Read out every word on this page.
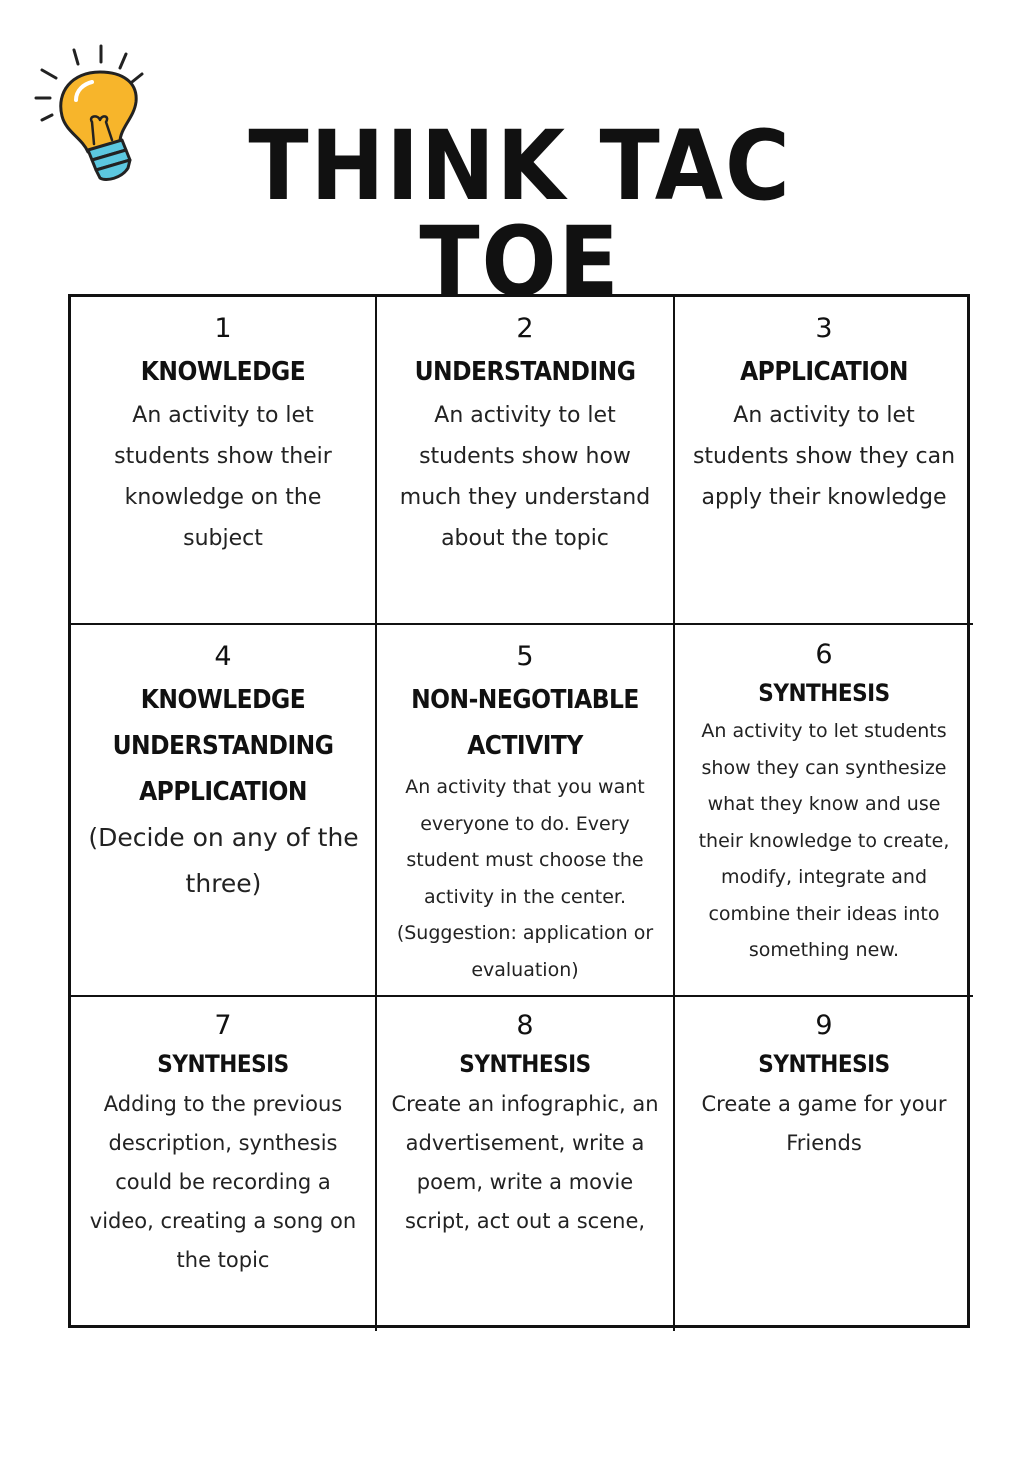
THINK TAC TOE
1
KNOWLEDGE
An activity to let students show their knowledge on the subject
2
UNDERSTANDING
An activity to let students show how much they understand about the topic
3
APPLICATION
An activity to let students show they can apply their knowledge
4
KNOWLEDGE UNDERSTANDING APPLICATION
(Decide on any of the three)
5
NON-NEGOTIABLE ACTIVITY
An activity that you want everyone to do. Every student must choose the activity in the center. (Suggestion: application or evaluation)
6
SYNTHESIS
An activity to let students show they can synthesize what they know and use their knowledge to create, modify, integrate and combine their ideas into something new.
7
SYNTHESIS
Adding to the previous description, synthesis could be recording a video, creating a song on the topic
8
SYNTHESIS
Create an infographic, an advertisement, write a poem, write a movie script, act out a scene,
9
SYNTHESIS
Create a game for your Friends
